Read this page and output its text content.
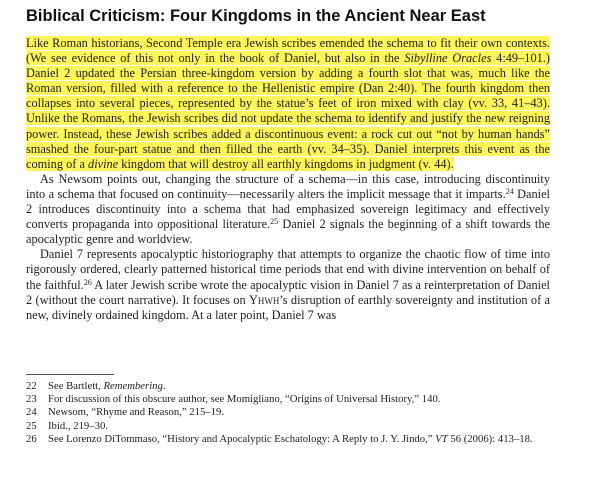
Biblical Criticism: Four Kingdoms in the Ancient Near East

Like Roman historians, Second Temple era Jewish scribes emended the schema to fit their own contexts. (We see evidence of this not only in the book of Daniel, but also in the Sibylline Oracles 4:49–101.) Daniel 2 updated the Persian three-kingdom version by adding a fourth slot that was, much like the Roman version, filled with a reference to the Hellenistic empire (Dan 2:40). The fourth kingdom then collapses into several pieces, represented by the statue’s feet of iron mixed with clay (vv. 33, 41–43). Unlike the Romans, the Jewish scribes did not update the schema to identify and justify the new reigning power. Instead, these Jewish scribes added a discontinuous event: a rock cut out “not by human hands” smashed the four-part statue and then filled the earth (vv. 34–35). Daniel interprets this event as the coming of a divine kingdom that will destroy all earthly kingdoms in judgment (v. 44).

As Newsom points out, changing the structure of a schema—in this case, introducing discontinuity into a schema that focused on continuity—necessarily alters the implicit message that it imparts.$^{24}$ Daniel 2 introduces discontinuity into a schema that had emphasized sovereign legitimacy and effectively converts propaganda into oppositional literature.$^{25}$ Daniel 2 signals the beginning of a shift towards the apocalyptic genre and worldview.

Daniel 7 represents apocalyptic historiography that attempts to organize the chaotic flow of time into rigorously ordered, clearly patterned historical time periods that end with divine intervention on behalf of the faithful.$^{26}$ A later Jewish scribe wrote the apocalyptic vision in Daniel 7 as a reinterpretation of Daniel 2 (without the court narrative). It focuses on Yhwh’s disruption of earthly sovereignty and institution of a new, divinely ordained kingdom. At a later point, Daniel 7 was

22	See Bartlett, Remembering.
23	For discussion of this obscure author, see Momigliano, “Origins of Universal History,” 140.
24	Newsom, “Rhyme and Reason,” 215–19.
25	Ibid., 219–30.
26	See Lorenzo DiTommaso, “History and Apocalyptic Eschatology: A Reply to J. Y. Jindo,” VT 56 (2006): 413–18.
